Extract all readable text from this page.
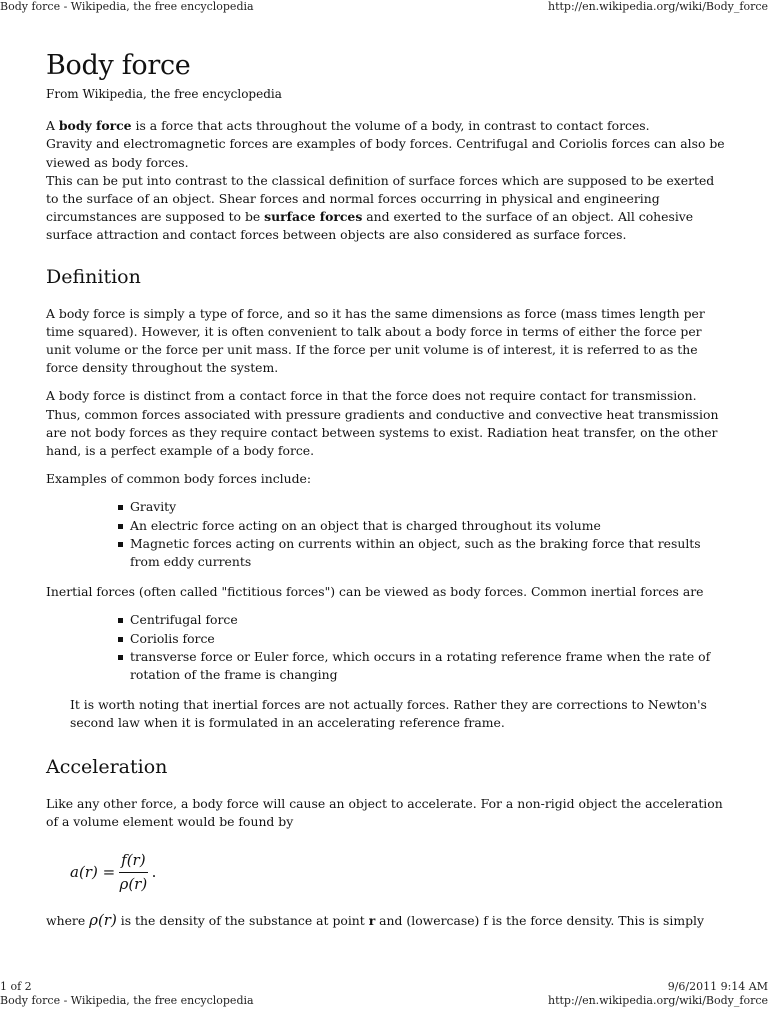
Body force - Wikipedia, the free encyclopedia	http://en.wikipedia.org/wiki/Body_force
Body force
From Wikipedia, the free encyclopedia

A body force is a force that acts throughout the volume of a body, in contrast to contact forces.

Gravity and electromagnetic forces are examples of body forces. Centrifugal and Coriolis forces can also be viewed as body forces.

This can be put into contrast to the classical definition of surface forces which are supposed to be exerted to the surface of an object. Shear forces and normal forces occurring in physical and engineering circumstances are supposed to be surface forces and exerted to the surface of an object. All cohesive surface attraction and contact forces between objects are also considered as surface forces.

Definition

A body force is simply a type of force, and so it has the same dimensions as force (mass times length per time squared). However, it is often convenient to talk about a body force in terms of either the force per unit volume or the force per unit mass. If the force per unit volume is of interest, it is referred to as the force density throughout the system.

A body force is distinct from a contact force in that the force does not require contact for transmission. Thus, common forces associated with pressure gradients and conductive and convective heat transmission are not body forces as they require contact between systems to exist. Radiation heat transfer, on the other hand, is a perfect example of a body force.

Examples of common body forces include:

Gravity
An electric force acting on an object that is charged throughout its volume
Magnetic forces acting on currents within an object, such as the braking force that results from eddy currents

Inertial forces (often called "fictitious forces") can be viewed as body forces. Common inertial forces are

Centrifugal force
Coriolis force
transverse force or Euler force, which occurs in a rotating reference frame when the rate of rotation of the frame is changing

It is worth noting that inertial forces are not actually forces. Rather they are corrections to Newton's second law when it is formulated in an accelerating reference frame.

Acceleration

Like any other force, a body force will cause an object to accelerate. For a non-rigid object the acceleration of a volume element would be found by

$a(r) = \frac{f(r)}{\rho(r)}$ .

where ρ(r) is the density of the substance at point r and (lowercase) f is the force density. This is simply

1 of 2	9/6/2011 9:14 AM
Body force - Wikipedia, the free encyclopedia	http://en.wikipedia.org/wiki/Body_force
